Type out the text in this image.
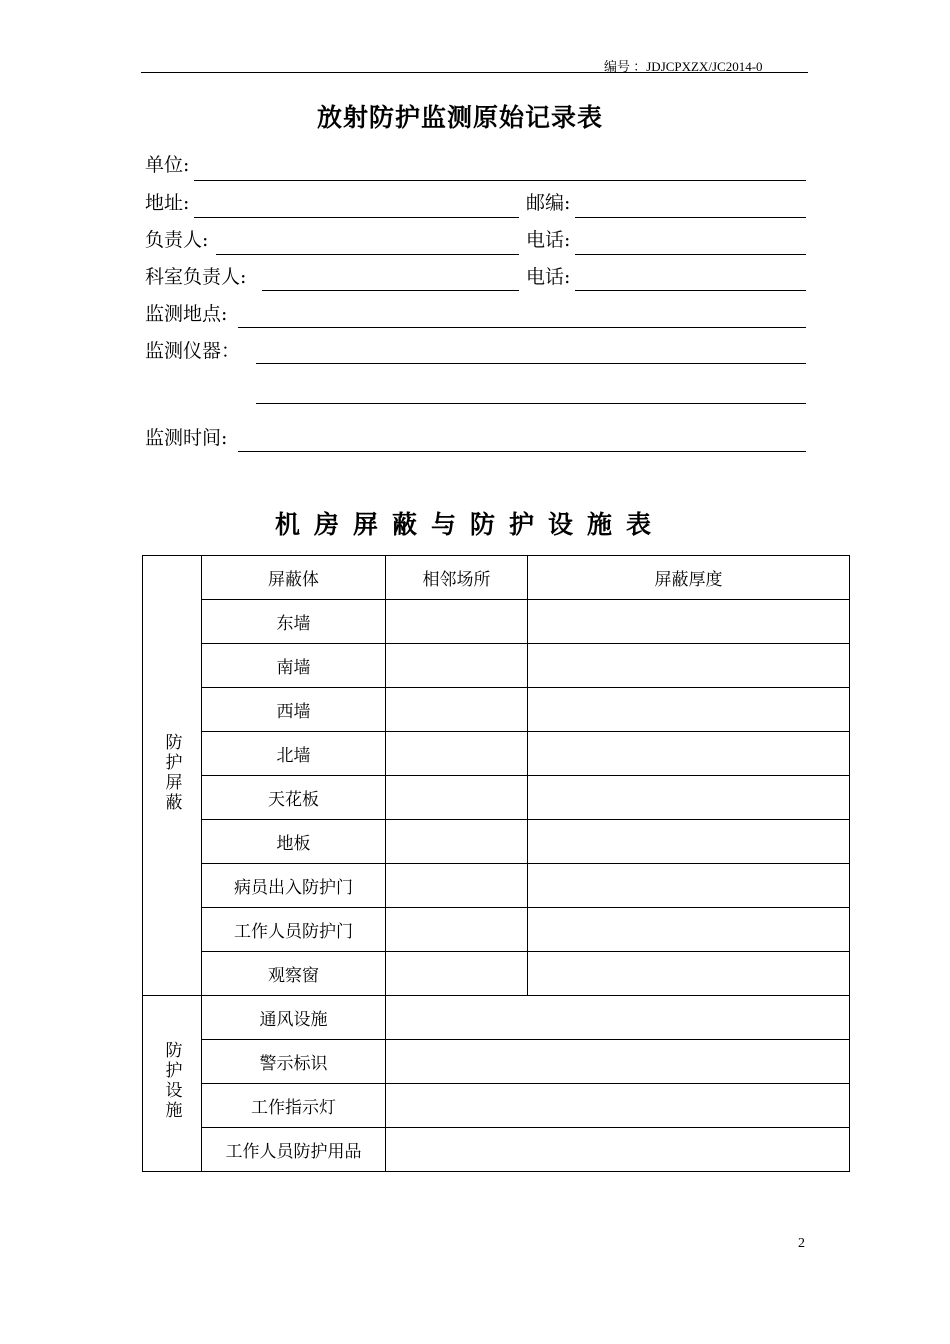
编号 ：JDJCPXZX/JC2014-0
放射防护监测原始记录表
单位:
地址:	邮编:
负责人:	电话:
科室负责人:	电话:
监测地点:
监测仪器：
监测时间:
机房屏蔽与防护设施表
防护屏蔽	屏蔽体	相邻场所	屏蔽厚度
	东墙		
	南墙		
	西墙		
	北墙		
	天花板		
	地板		
	病员出入防护门		
	工作人员防护门		
	观察窗		
防护设施	通风设施		
	警示标识		
	工作指示灯		
	工作人员防护用品		
2
